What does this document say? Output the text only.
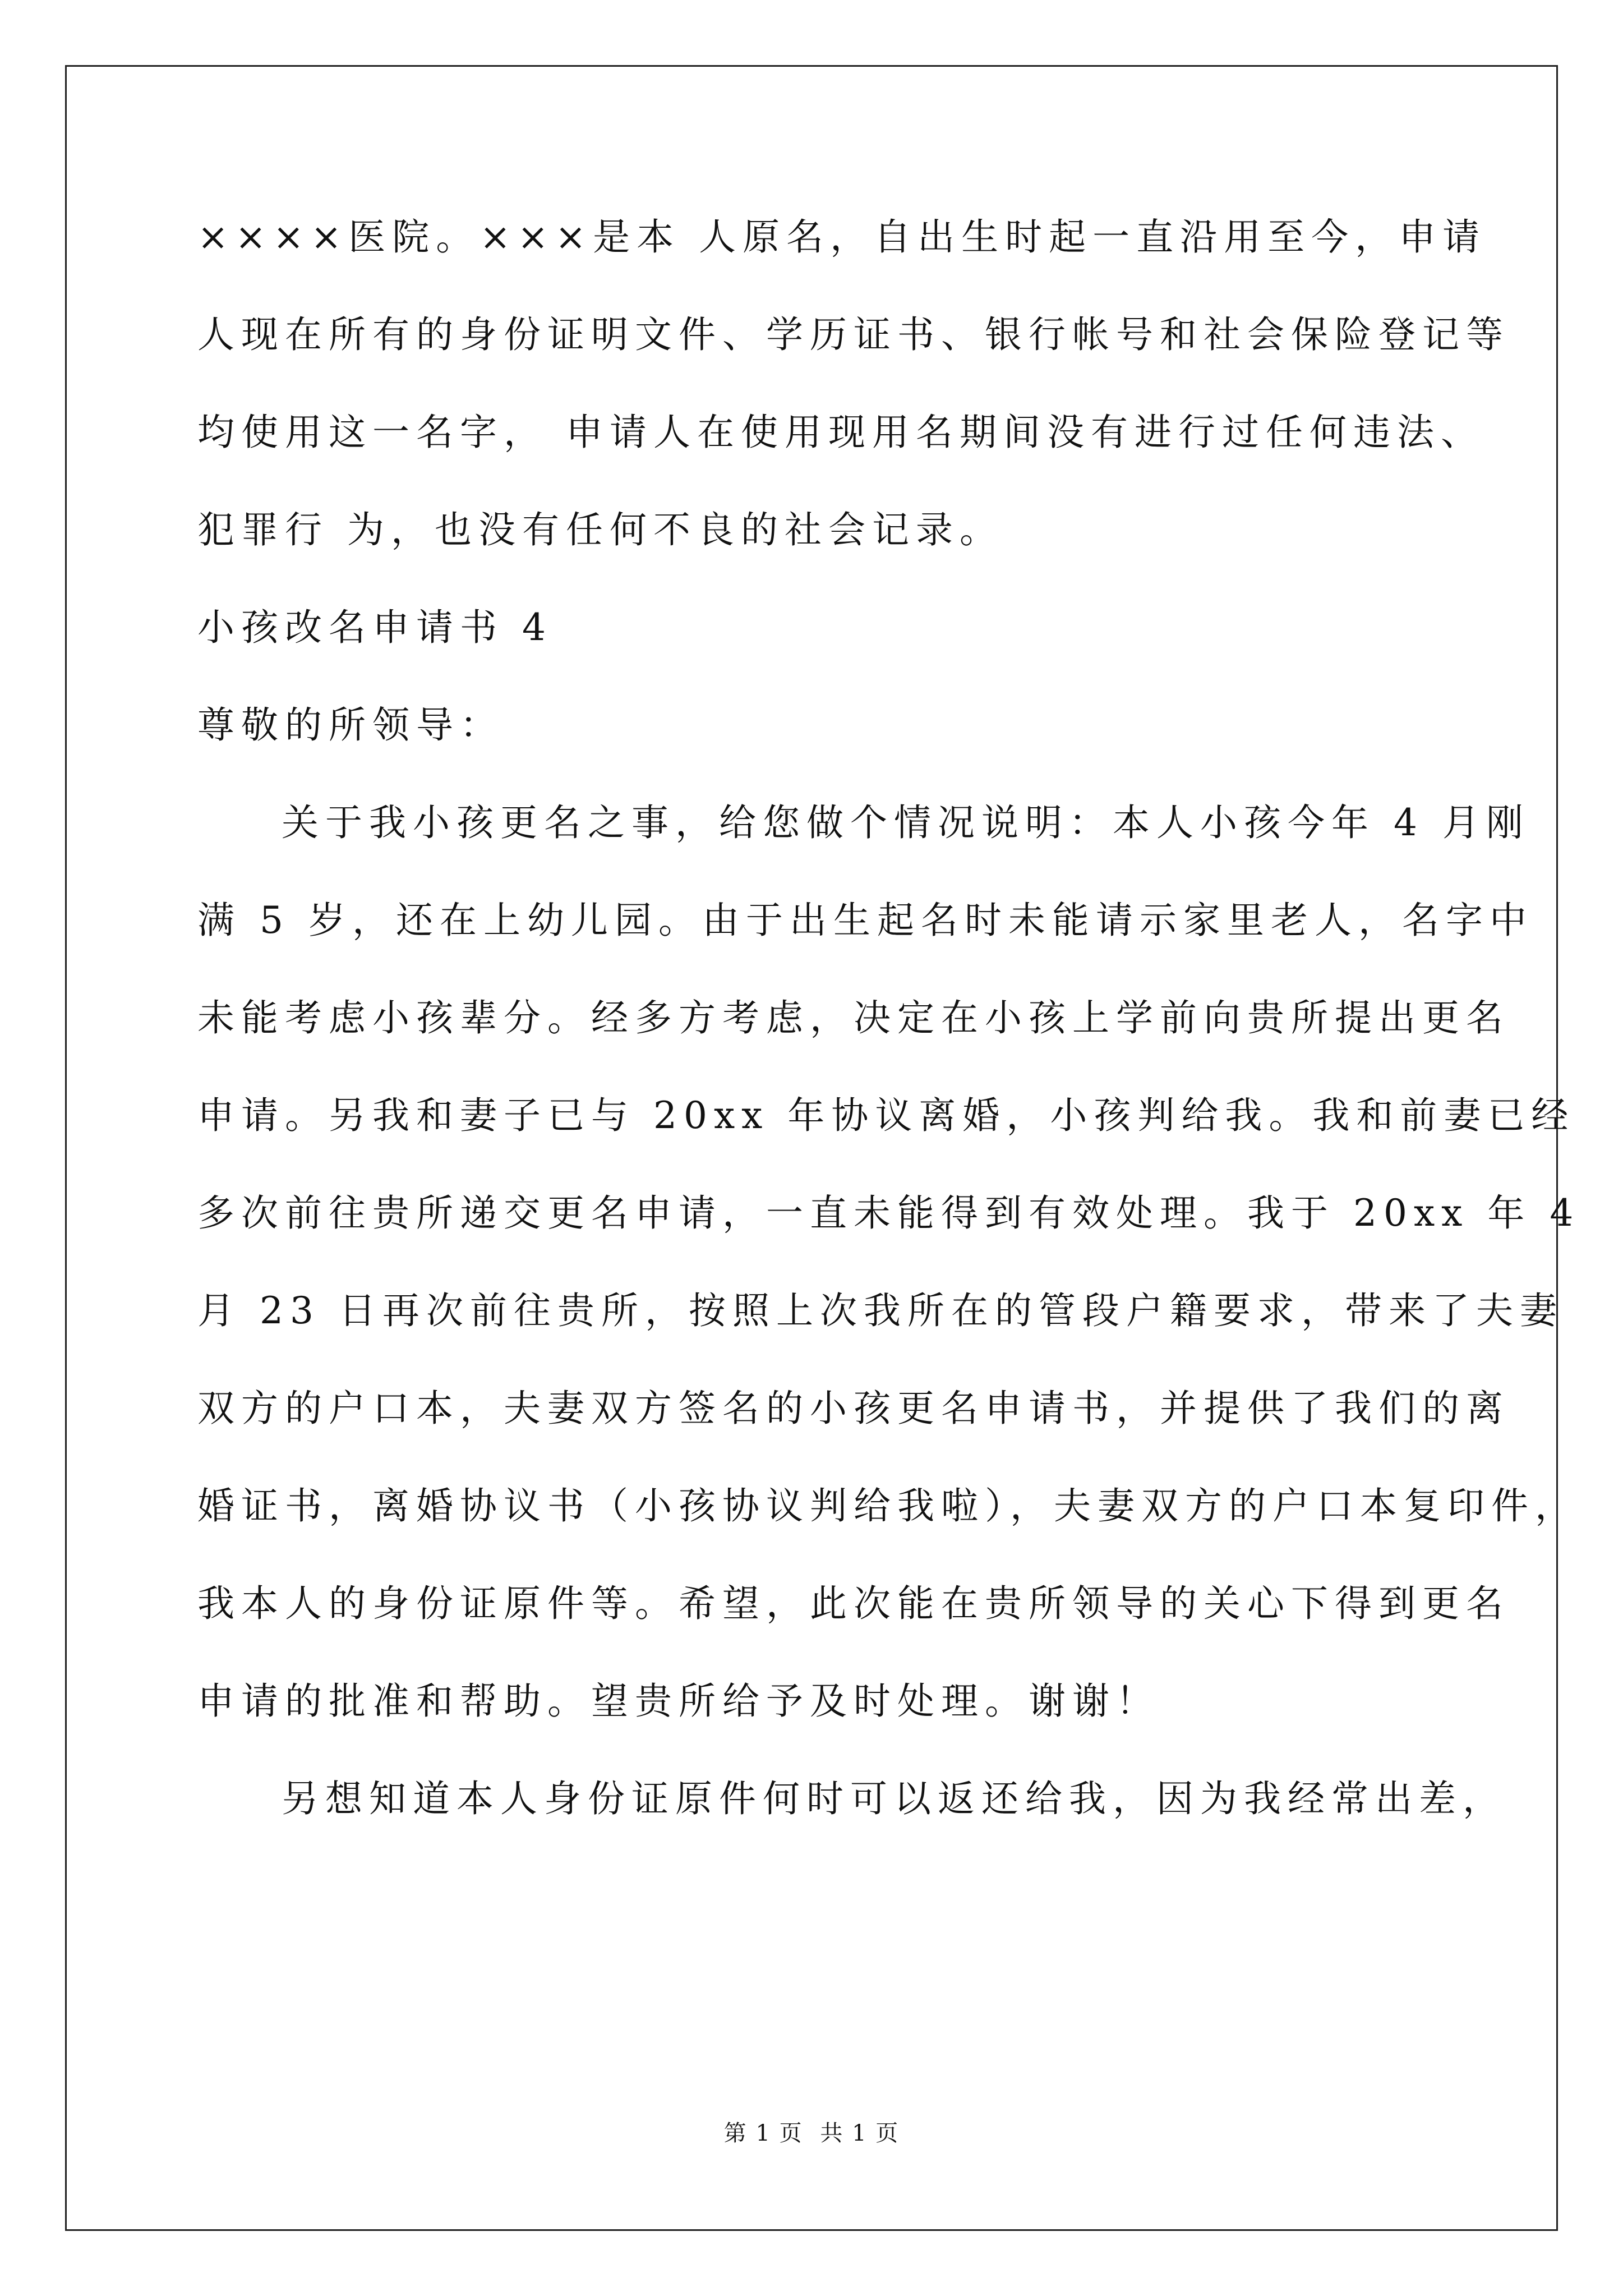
××××医院。×××是本 人原名，自出生时起一直沿用至今，申请
人现在所有的身份证明文件、学历证书、银行帐号和社会保险登记等
均使用这一名字， 申请人在使用现用名期间没有进行过任何违法、
犯罪行 为，也没有任何不良的社会记录。
小孩改名申请书 4
尊敬的所领导：
关于我小孩更名之事，给您做个情况说明：本人小孩今年 4 月刚
满 5 岁，还在上幼儿园。由于出生起名时未能请示家里老人，名字中
未能考虑小孩辈分。经多方考虑，决定在小孩上学前向贵所提出更名
申请。另我和妻子已与 20xx 年协议离婚，小孩判给我。我和前妻已经
多次前往贵所递交更名申请，一直未能得到有效处理。我于 20xx 年 4
月 23 日再次前往贵所，按照上次我所在的管段户籍要求，带来了夫妻
双方的户口本，夫妻双方签名的小孩更名申请书，并提供了我们的离
婚证书，离婚协议书（小孩协议判给我啦），夫妻双方的户口本复印件，
我本人的身份证原件等。希望，此次能在贵所领导的关心下得到更名
申请的批准和帮助。望贵所给予及时处理。谢谢！
另想知道本人身份证原件何时可以返还给我，因为我经常出差，
第 1 页 共 1 页
